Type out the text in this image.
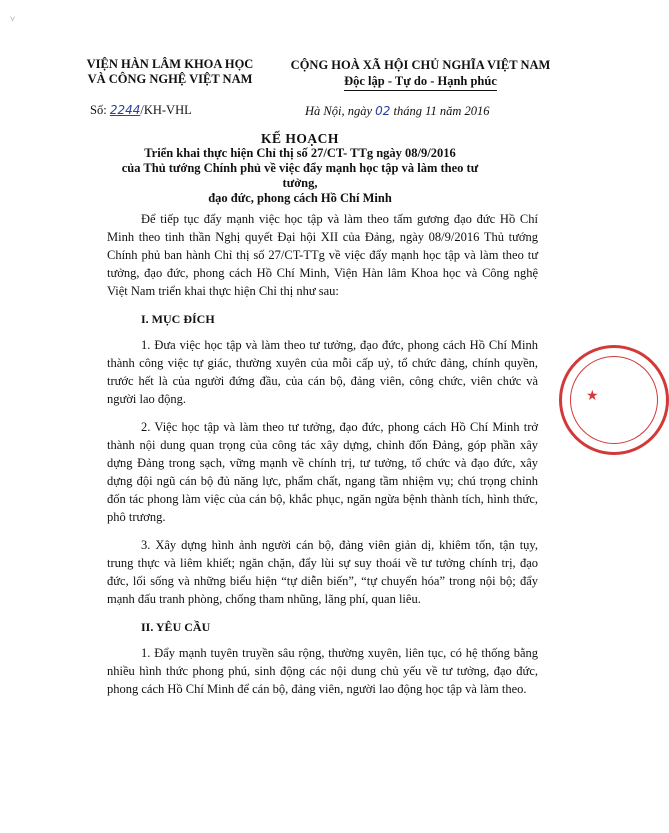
˅
VIỆN HÀN LÂM KHOA HỌC
VÀ CÔNG NGHỆ VIỆT NAM
CỘNG HOÀ XÃ HỘI CHỦ NGHĨA VIỆT NAM
Độc lập - Tự do - Hạnh phúc
Số: 2244/KH-VHL	Hà Nội, ngày 02 tháng 11 năm 2016
KẾ HOẠCH
Triển khai thực hiện Chỉ thị số 27/CT- TTg ngày 08/9/2016
của Thủ tướng Chính phủ về việc đẩy mạnh học tập và làm theo tư tưởng,
đạo đức, phong cách Hồ Chí Minh

Để tiếp tục đẩy mạnh việc học tập và làm theo tấm gương đạo đức Hồ Chí Minh theo tinh thần Nghị quyết Đại hội XII của Đảng, ngày 08/9/2016 Thủ tướng Chính phủ ban hành Chỉ thị số 27/CT-TTg về việc đẩy mạnh học tập và làm theo tư tưởng, đạo đức, phong cách Hồ Chí Minh, Viện Hàn lâm Khoa học và Công nghệ Việt Nam triển khai thực hiện Chỉ thị như sau:

I. MỤC ĐÍCH

1. Đưa việc học tập và làm theo tư tưởng, đạo đức, phong cách Hồ Chí Minh thành công việc tự giác, thường xuyên của mỗi cấp uỷ, tổ chức đảng, chính quyền, trước hết là của người đứng đầu, của cán bộ, đảng viên, công chức, viên chức và người lao động.

2. Việc học tập và làm theo tư tưởng, đạo đức, phong cách Hồ Chí Minh trở thành nội dung quan trọng của công tác xây dựng, chỉnh đốn Đảng, góp phần xây dựng Đảng trong sạch, vững mạnh về chính trị, tư tưởng, tổ chức và đạo đức, xây dựng đội ngũ cán bộ đủ năng lực, phẩm chất, ngang tầm nhiệm vụ; chú trọng chỉnh đốn tác phong làm việc của cán bộ, khắc phục, ngăn ngừa bệnh thành tích, hình thức, phô trương.

3. Xây dựng hình ảnh người cán bộ, đảng viên giản dị, khiêm tốn, tận tụy, trung thực và liêm khiết; ngăn chặn, đẩy lùi sự suy thoái về tư tưởng chính trị, đạo đức, lối sống và những biểu hiện “tự diễn biến”, “tự chuyển hóa” trong nội bộ; đẩy mạnh đấu tranh phòng, chống tham nhũng, lãng phí, quan liêu.

II. YÊU CẦU

1. Đẩy mạnh tuyên truyền sâu rộng, thường xuyên, liên tục, có hệ thống bằng nhiều hình thức phong phú, sinh động các nội dung chủ yếu về tư tưởng, đạo đức, phong cách Hồ Chí Minh để cán bộ, đảng viên, người lao động học tập và làm theo.

★
